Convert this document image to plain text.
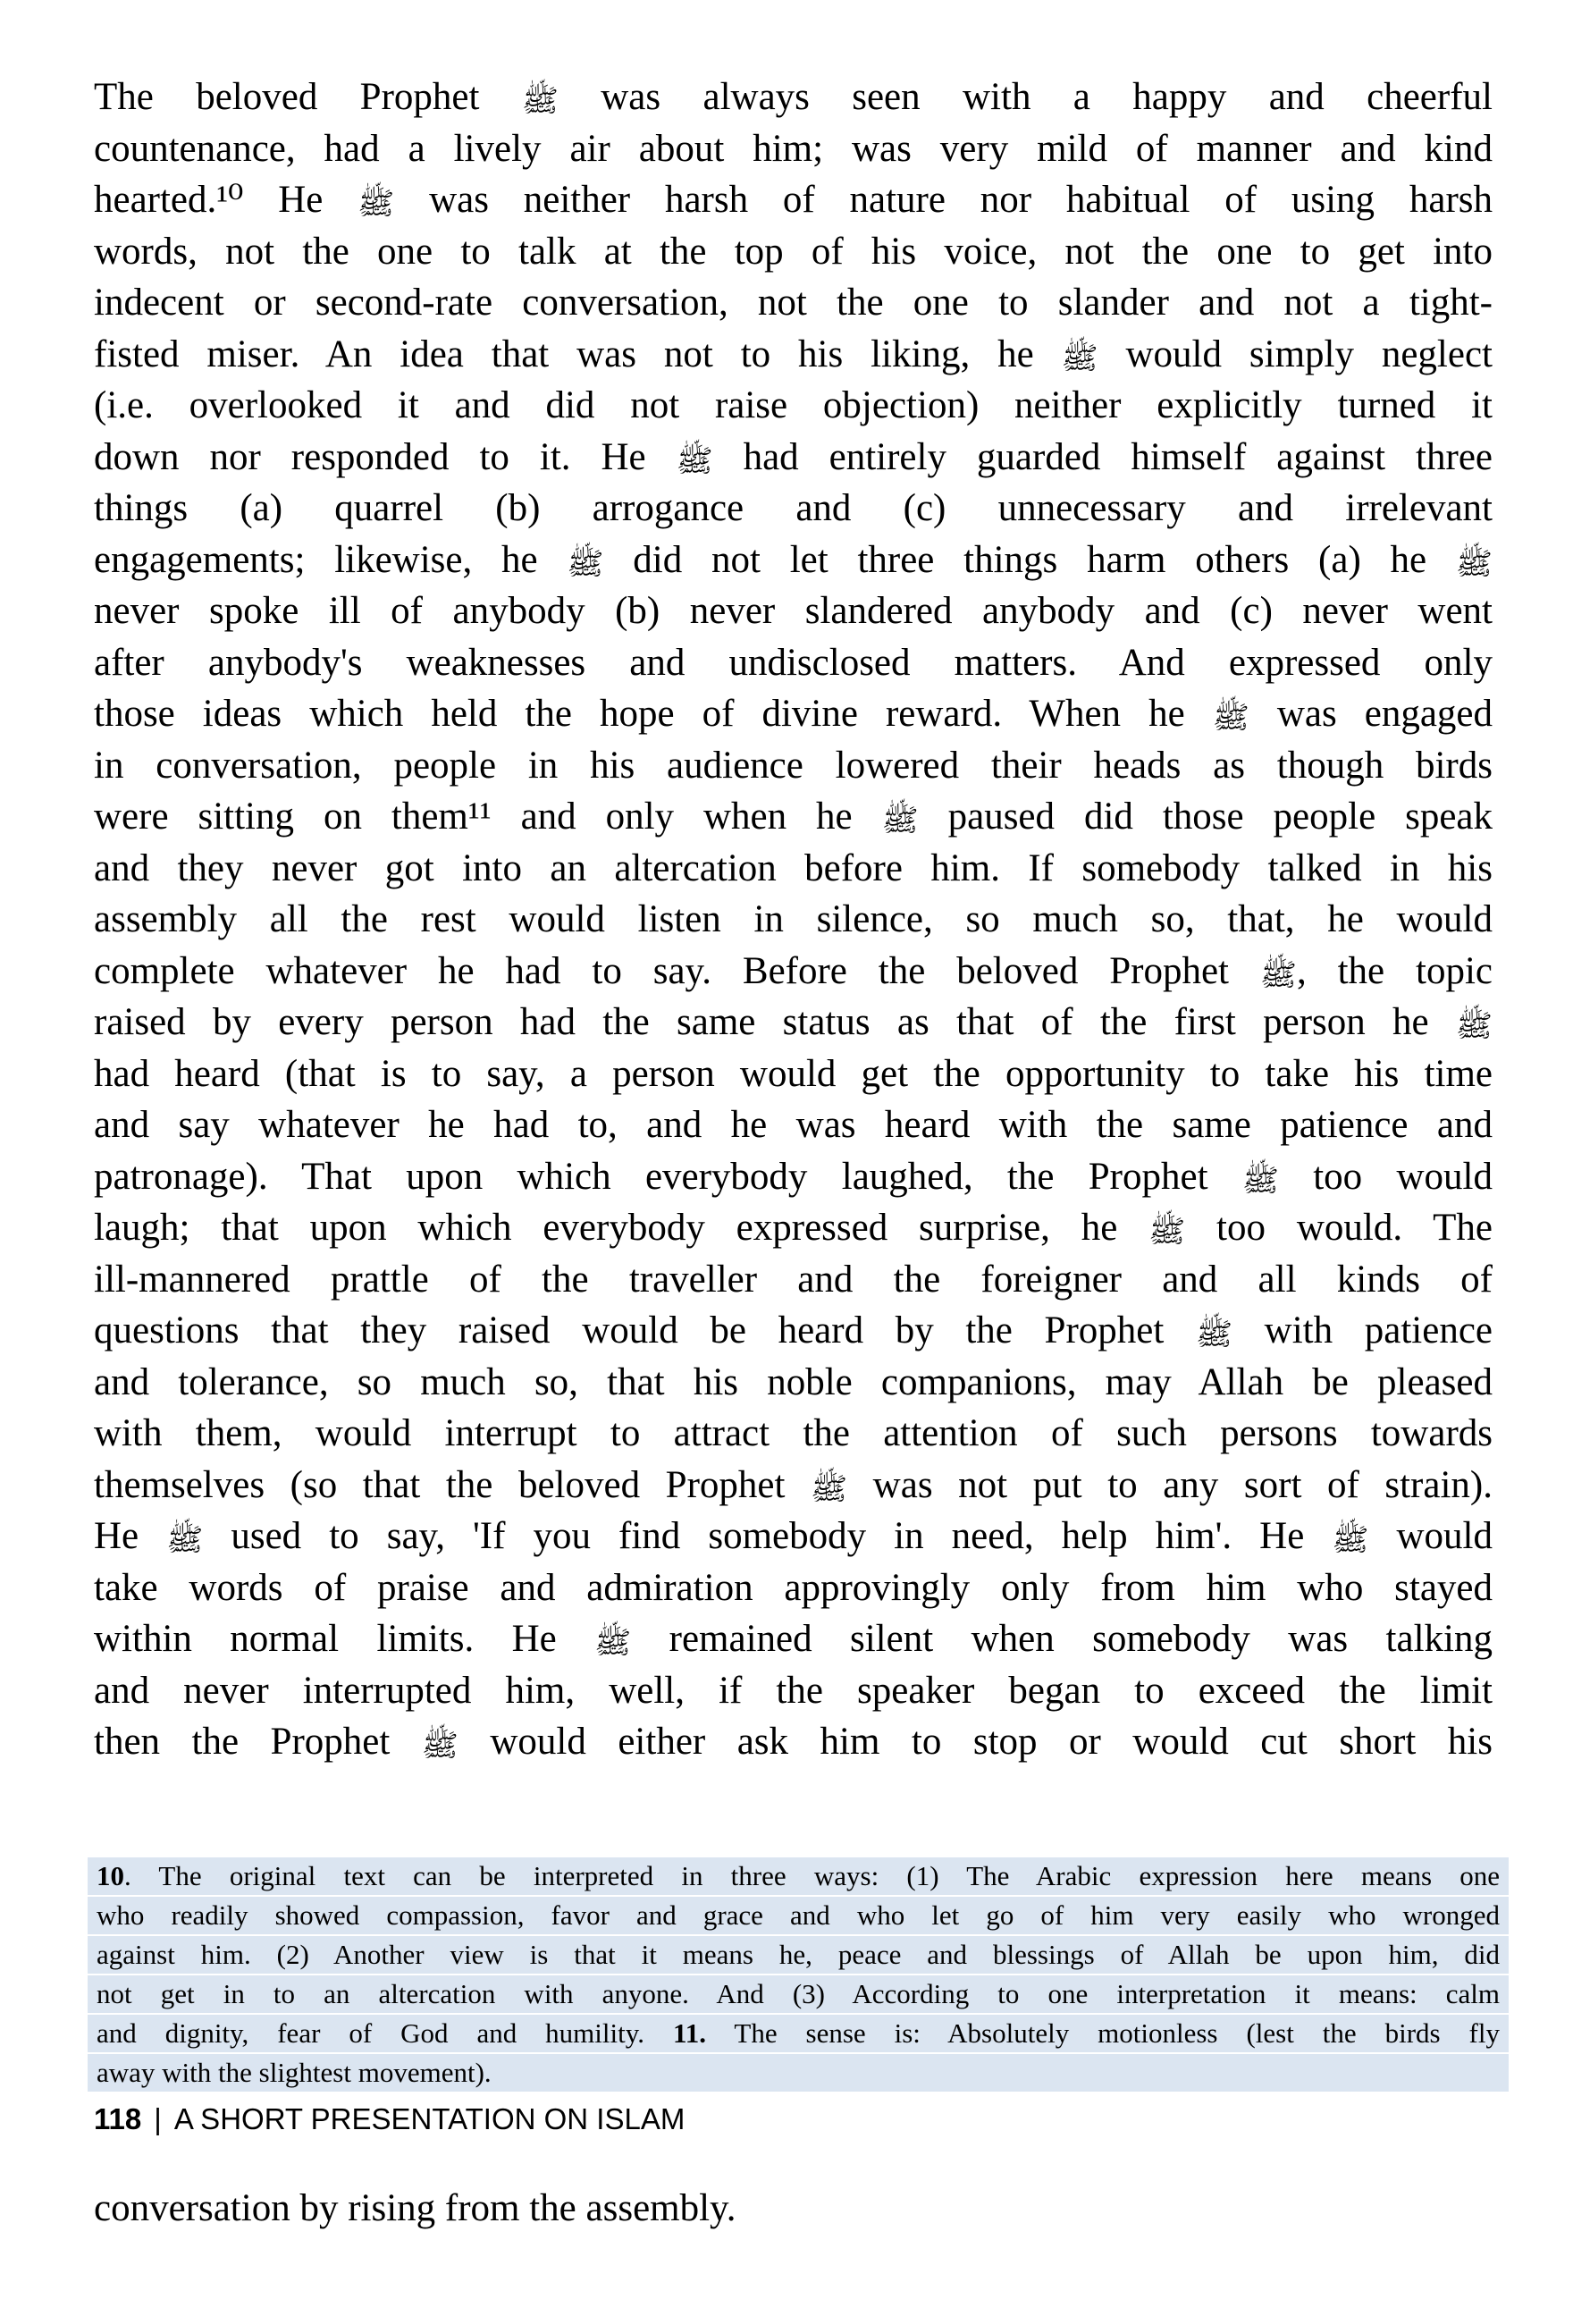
The beloved Prophet ﷺ was always seen with a happy and cheerful
countenance, had a lively air about him; was very mild of manner and kind
hearted.¹⁰ He ﷺ was neither harsh of nature nor habitual of using harsh
words, not the one to talk at the top of his voice, not the one to get into
indecent or second-rate conversation, not the one to slander and not a tight-
fisted miser. An idea that was not to his liking, he ﷺ would simply neglect
(i.e. overlooked it and did not raise objection) neither explicitly turned it
down nor responded to it. He ﷺ had entirely guarded himself against three
things (a) quarrel (b) arrogance and (c) unnecessary and irrelevant
engagements; likewise, he ﷺ did not let three things harm others (a) he ﷺ
never spoke ill of anybody (b) never slandered anybody and (c) never went
after anybody's weaknesses and undisclosed matters. And expressed only
those ideas which held the hope of divine reward. When he ﷺ was engaged
in conversation, people in his audience lowered their heads as though birds
were sitting on them¹¹ and only when he ﷺ paused did those people speak
and they never got into an altercation before him. If somebody talked in his
assembly all the rest would listen in silence, so much so, that, he would
complete whatever he had to say. Before the beloved Prophet ﷺ, the topic
raised by every person had the same status as that of the first person he ﷺ
had heard (that is to say, a person would get the opportunity to take his time
and say whatever he had to, and he was heard with the same patience and
patronage). That upon which everybody laughed, the Prophet ﷺ too would
laugh; that upon which everybody expressed surprise, he ﷺ too would. The
ill-mannered prattle of the traveller and the foreigner and all kinds of
questions that they raised would be heard by the Prophet ﷺ with patience
and tolerance, so much so, that his noble companions, may Allah be pleased
with them, would interrupt to attract the attention of such persons towards
themselves (so that the beloved Prophet ﷺ was not put to any sort of strain).
He ﷺ used to say, 'If you find somebody in need, help him'. He ﷺ would
take words of praise and admiration approvingly only from him who stayed
within normal limits. He ﷺ remained silent when somebody was talking
and never interrupted him, well, if the speaker began to exceed the limit
then the Prophet ﷺ would either ask him to stop or would cut short his
10. The original text can be interpreted in three ways: (1) The Arabic expression here means one
who readily showed compassion, favor and grace and who let go of him very easily who wronged
against him. (2) Another view is that it means he, peace and blessings of Allah be upon him, did
not get in to an altercation with anyone. And (3) According to one interpretation it means: calm
and dignity, fear of God and humility. 11. The sense is: Absolutely motionless (lest the birds fly
away with the slightest movement).
118 | A SHORT PRESENTATION ON ISLAM
conversation by rising from the assembly.
